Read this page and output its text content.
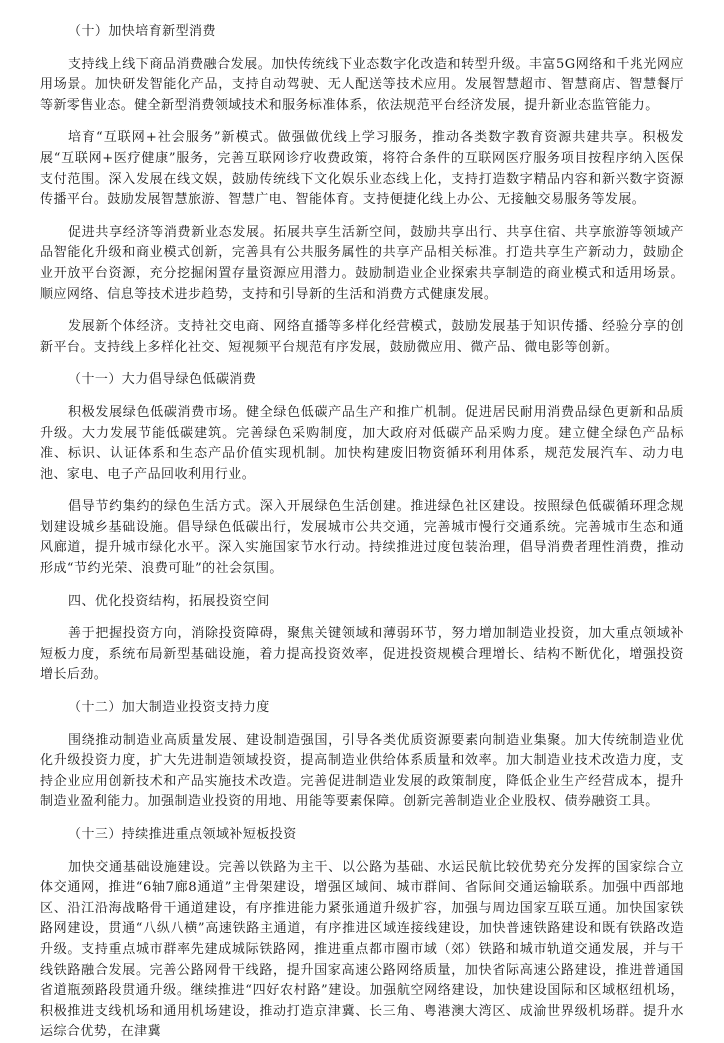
（十）加快培育新型消费

支持线上线下商品消费融合发展。加快传统线下业态数字化改造和转型升级。丰富5G网络和千兆光网应用场景。加快研发智能化产品，支持自动驾驶、无人配送等技术应用。发展智慧超市、智慧商店、智慧餐厅等新零售业态。健全新型消费领域技术和服务标准体系，依法规范平台经济发展，提升新业态监管能力。

培育“互联网+社会服务”新模式。做强做优线上学习服务，推动各类数字教育资源共建共享。积极发展“互联网+医疗健康”服务，完善互联网诊疗收费政策，将符合条件的互联网医疗服务项目按程序纳入医保支付范围。深入发展在线文娱，鼓励传统线下文化娱乐业态线上化，支持打造数字精品内容和新兴数字资源传播平台。鼓励发展智慧旅游、智慧广电、智能体育。支持便捷化线上办公、无接触交易服务等发展。

促进共享经济等消费新业态发展。拓展共享生活新空间，鼓励共享出行、共享住宿、共享旅游等领域产品智能化升级和商业模式创新，完善具有公共服务属性的共享产品相关标准。打造共享生产新动力，鼓励企业开放平台资源，充分挖掘闲置存量资源应用潜力。鼓励制造业企业探索共享制造的商业模式和适用场景。顺应网络、信息等技术进步趋势，支持和引导新的生活和消费方式健康发展。

发展新个体经济。支持社交电商、网络直播等多样化经营模式，鼓励发展基于知识传播、经验分享的创新平台。支持线上多样化社交、短视频平台规范有序发展，鼓励微应用、微产品、微电影等创新。

（十一）大力倡导绿色低碳消费

积极发展绿色低碳消费市场。健全绿色低碳产品生产和推广机制。促进居民耐用消费品绿色更新和品质升级。大力发展节能低碳建筑。完善绿色采购制度，加大政府对低碳产品采购力度。建立健全绿色产品标准、标识、认证体系和生态产品价值实现机制。加快构建废旧物资循环利用体系，规范发展汽车、动力电池、家电、电子产品回收利用行业。

倡导节约集约的绿色生活方式。深入开展绿色生活创建。推进绿色社区建设。按照绿色低碳循环理念规划建设城乡基础设施。倡导绿色低碳出行，发展城市公共交通，完善城市慢行交通系统。完善城市生态和通风廊道，提升城市绿化水平。深入实施国家节水行动。持续推进过度包装治理，倡导消费者理性消费，推动形成“节约光荣、浪费可耻”的社会氛围。

四、优化投资结构，拓展投资空间

善于把握投资方向，消除投资障碍，聚焦关键领域和薄弱环节，努力增加制造业投资，加大重点领域补短板力度，系统布局新型基础设施，着力提高投资效率，促进投资规模合理增长、结构不断优化，增强投资增长后劲。

（十二）加大制造业投资支持力度

围绕推动制造业高质量发展、建设制造强国，引导各类优质资源要素向制造业集聚。加大传统制造业优化升级投资力度，扩大先进制造领域投资，提高制造业供给体系质量和效率。加大制造业技术改造力度，支持企业应用创新技术和产品实施技术改造。完善促进制造业发展的政策制度，降低企业生产经营成本，提升制造业盈利能力。加强制造业投资的用地、用能等要素保障。创新完善制造业企业股权、债券融资工具。

（十三）持续推进重点领域补短板投资

加快交通基础设施建设。完善以铁路为主干、以公路为基础、水运民航比较优势充分发挥的国家综合立体交通网，推进“6轴7廊8通道”主骨架建设，增强区域间、城市群间、省际间交通运输联系。加强中西部地区、沿江沿海战略骨干通道建设，有序推进能力紧张通道升级扩容，加强与周边国家互联互通。加快国家铁路网建设，贯通“八纵八横”高速铁路主通道，有序推进区域连接线建设，加快普速铁路建设和既有铁路改造升级。支持重点城市群率先建成城际铁路网，推进重点都市圈市域（郊）铁路和城市轨道交通发展，并与干线铁路融合发展。完善公路网骨干线路，提升国家高速公路网络质量，加快省际高速公路建设，推进普通国省道瓶颈路段贯通升级。继续推进“四好农村路”建设。加强航空网络建设，加快建设国际和区域枢纽机场，积极推进支线机场和通用机场建设，推动打造京津冀、长三角、粤港澳大湾区、成渝世界级机场群。提升水运综合优势，在津冀
